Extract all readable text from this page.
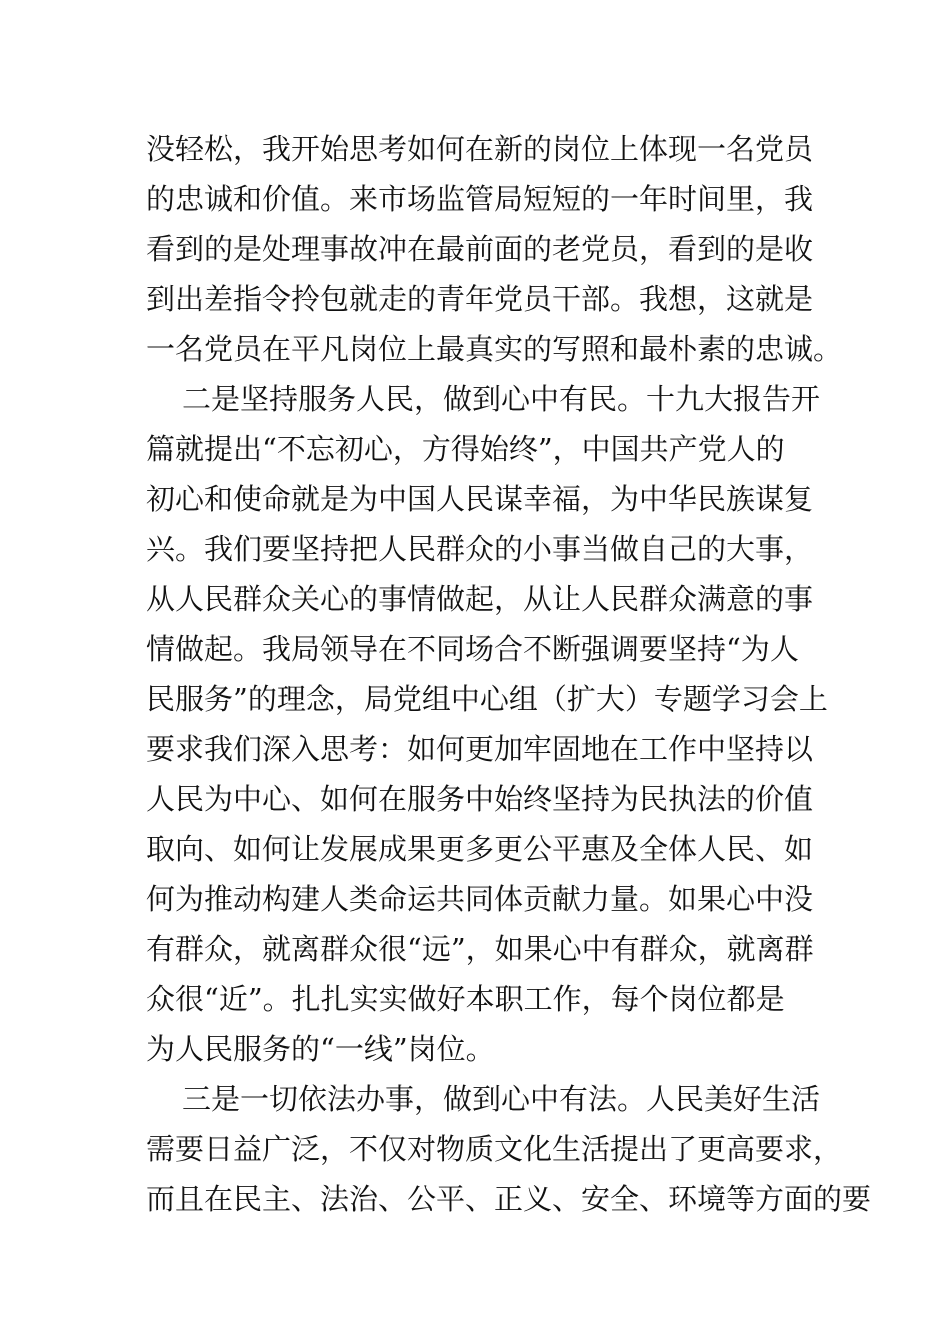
没轻松，我开始思考如何在新的岗位上体现一名党员
的忠诚和价值。来市场监管局短短的一年时间里，我
看到的是处理事故冲在最前面的老党员，看到的是收
到出差指令拎包就走的青年党员干部。我想，这就是
一名党员在平凡岗位上最真实的写照和最朴素的忠诚。
二是坚持服务人民，做到心中有民。十九大报告开
篇就提出“不忘初心，方得始终”，中国共产党人的
初心和使命就是为中国人民谋幸福，为中华民族谋复
兴。我们要坚持把人民群众的小事当做自己的大事，
从人民群众关心的事情做起，从让人民群众满意的事
情做起。我局领导在不同场合不断强调要坚持“为人
民服务”的理念，局党组中心组（扩大）专题学习会上
要求我们深入思考：如何更加牢固地在工作中坚持以
人民为中心、如何在服务中始终坚持为民执法的价值
取向、如何让发展成果更多更公平惠及全体人民、如
何为推动构建人类命运共同体贡献力量。如果心中没
有群众，就离群众很“远”，如果心中有群众，就离群
众很“近”。扎扎实实做好本职工作，每个岗位都是
为人民服务的“一线”岗位。
三是一切依法办事，做到心中有法。人民美好生活
需要日益广泛，不仅对物质文化生活提出了更高要求，
而且在民主、法治、公平、正义、安全、环境等方面的要
